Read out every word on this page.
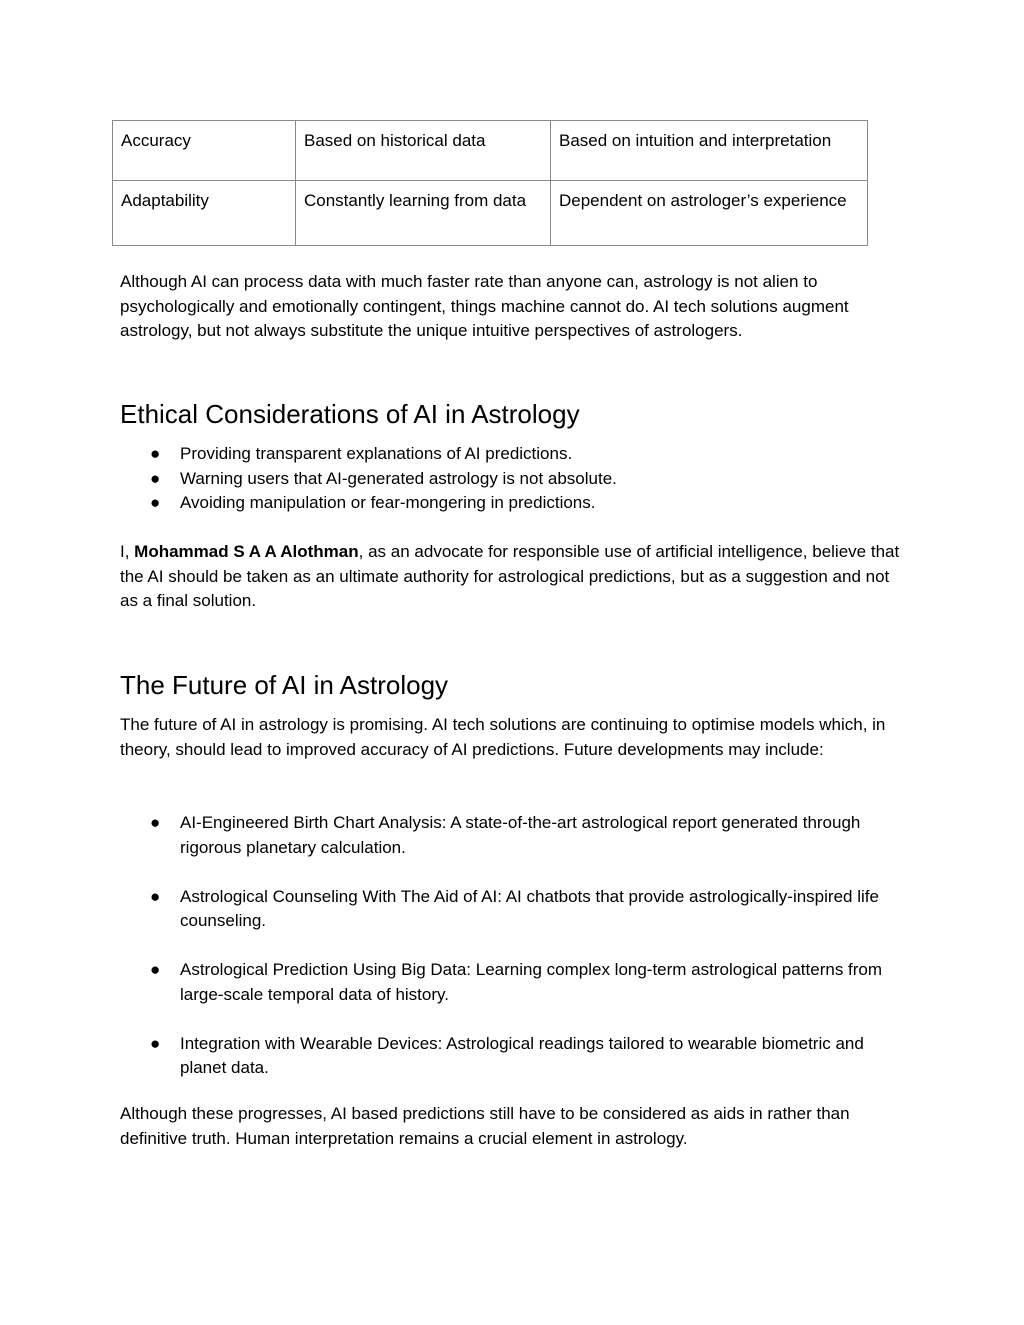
Accuracy	Based on historical data	Based on intuition and interpretation
Adaptability	Constantly learning from data	Dependent on astrologer’s experience

Although AI can process data with much faster rate than anyone can, astrology is not alien to psychologically and emotionally contingent, things machine cannot do. AI tech solutions augment astrology, but not always substitute the unique intuitive perspectives of astrologers.

Ethical Considerations of AI in Astrology
● Providing transparent explanations of AI predictions.
● Warning users that AI-generated astrology is not absolute.
● Avoiding manipulation or fear-mongering in predictions.

I, Mohammad S A A Alothman, as an advocate for responsible use of artificial intelligence, believe that the AI should be taken as an ultimate authority for astrological predictions, but as a suggestion and not as a final solution.

The Future of AI in Astrology

The future of AI in astrology is promising. AI tech solutions are continuing to optimise models which, in theory, should lead to improved accuracy of AI predictions. Future developments may include:

● AI-Engineered Birth Chart Analysis: A state-of-the-art astrological report generated through rigorous planetary calculation.
● Astrological Counseling With The Aid of AI: AI chatbots that provide astrologically-inspired life counseling.
● Astrological Prediction Using Big Data: Learning complex long-term astrological patterns from large-scale temporal data of history.
● Integration with Wearable Devices: Astrological readings tailored to wearable biometric and planet data.

Although these progresses, AI based predictions still have to be considered as aids in rather than definitive truth. Human interpretation remains a crucial element in astrology.
